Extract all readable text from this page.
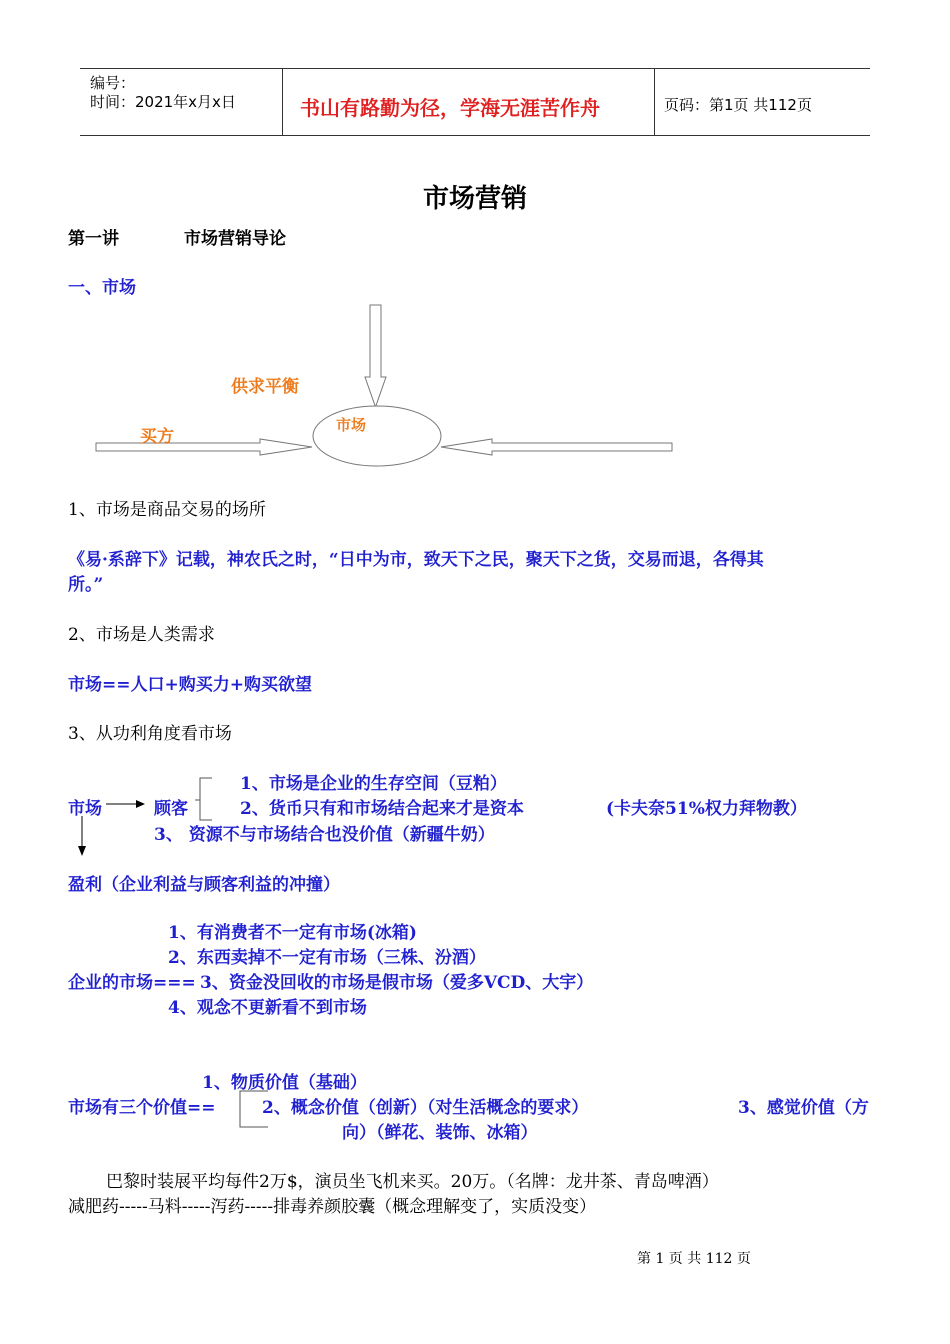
编号：
时间：2021年x月x日	书山有路勤为径，学海无涯苦作舟	页码：第1页 共112页
市场营销
第一讲	市场营销导论
一、市场
供求平衡
买方
市场
1、市场是商品交易的场所
《易·系辞下》记载，神农氏之时，“日中为市，致天下之民，聚天下之货，交易而退，各得其
所。”
2、市场是人类需求
市场==人口+购买力+购买欲望
3、从功利角度看市场
1、市场是企业的生存空间（豆粕）
市场	顾客	2、货币只有和市场结合起来才是资本	(卡夫奈51%权力拜物教）
3、 资源不与市场结合也没价值（新疆牛奶）
盈利（企业利益与顾客利益的冲撞）
1、有消费者不一定有市场(冰箱)
2、东西卖掉不一定有市场（三株、汾酒）
企业的市场=== 3、资金没回收的市场是假市场（爱多VCD、大宇）
4、观念不更新看不到市场
1、物质价值（基础）
市场有三个价值==	2、概念价值（创新）（对生活概念的要求）	3、感觉价值（方
向）（鲜花、装饰、冰箱）
巴黎时装展平均每件2万$，演员坐飞机来买。20万。（名牌：龙井茶、青岛啤酒）
减肥药-----马料-----泻药-----排毒养颜胶囊（概念理解变了，实质没变）
第 1 页 共 112 页
